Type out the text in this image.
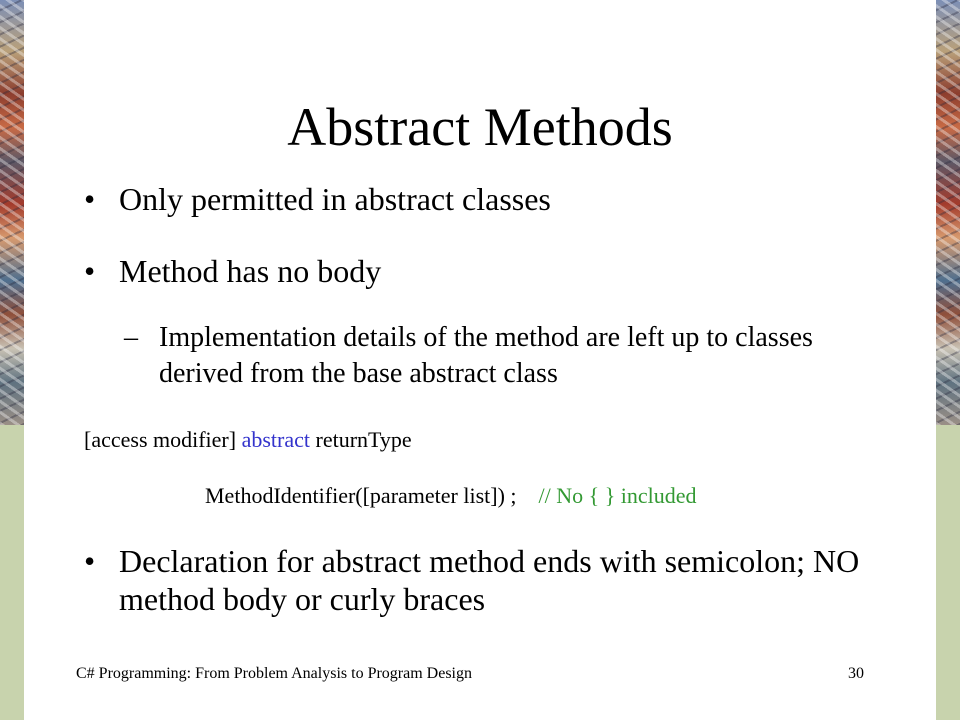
Abstract Methods
• Only permitted in abstract classes
• Method has no body
– Implementation details of the method are left up to classes derived from the base abstract class
[access modifier] abstract returnType
MethodIdentifier([parameter list]) ;    // No { } included
• Declaration for abstract method ends with semicolon; NO method body or curly braces
C# Programming: From Problem Analysis to Program Design	30
